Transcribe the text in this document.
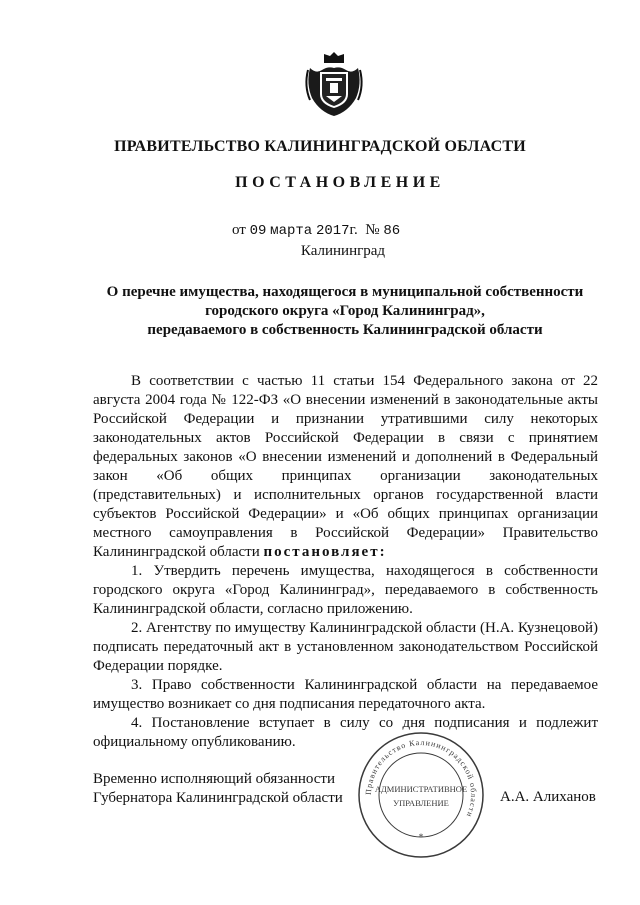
ПРАВИТЕЛЬСТВО КАЛИНИНГРАДСКОЙ ОБЛАСТИ
ПОСТАНОВЛЕНИЕ
от 09 марта 2017г. № 86
Калининград
О перечне имущества, находящегося в муниципальной собственности
городского округа «Город Калининград»,
передаваемого в собственность Калининградской области
В соответствии с частью 11 статьи 154 Федерального закона от 22 августа 2004 года № 122-ФЗ «О внесении изменений в законодательные акты Российской Федерации и признании утратившими силу некоторых законодательных актов Российской Федерации в связи с принятием федеральных законов «О внесении изменений и дополнений в Федеральный закон «Об общих принципах организации законодательных (представительных) и исполнительных органов государственной власти субъектов Российской Федерации» и «Об общих принципах организации местного самоуправления в Российской Федерации» Правительство Калининградской области постановляет:
1. Утвердить перечень имущества, находящегося в собственности городского округа «Город Калининград», передаваемого в собственность Калининградской области, согласно приложению.
2. Агентству по имуществу Калининградской области (Н.А. Кузнецовой) подписать передаточный акт в установленном законодательством Российской Федерации порядке.
3. Право собственности Калининградской области на передаваемое имущество возникает со дня подписания передаточного акта.
4. Постановление вступает в силу со дня подписания и подлежит официальному опубликованию.
Временно исполняющий обязанности
Губернатора Калининградской области	Правительство Калининградской области
АДМИНИСТРАТИВНОЕ
УПРАВЛЕНИЕ
*
А.А. Алиханов
